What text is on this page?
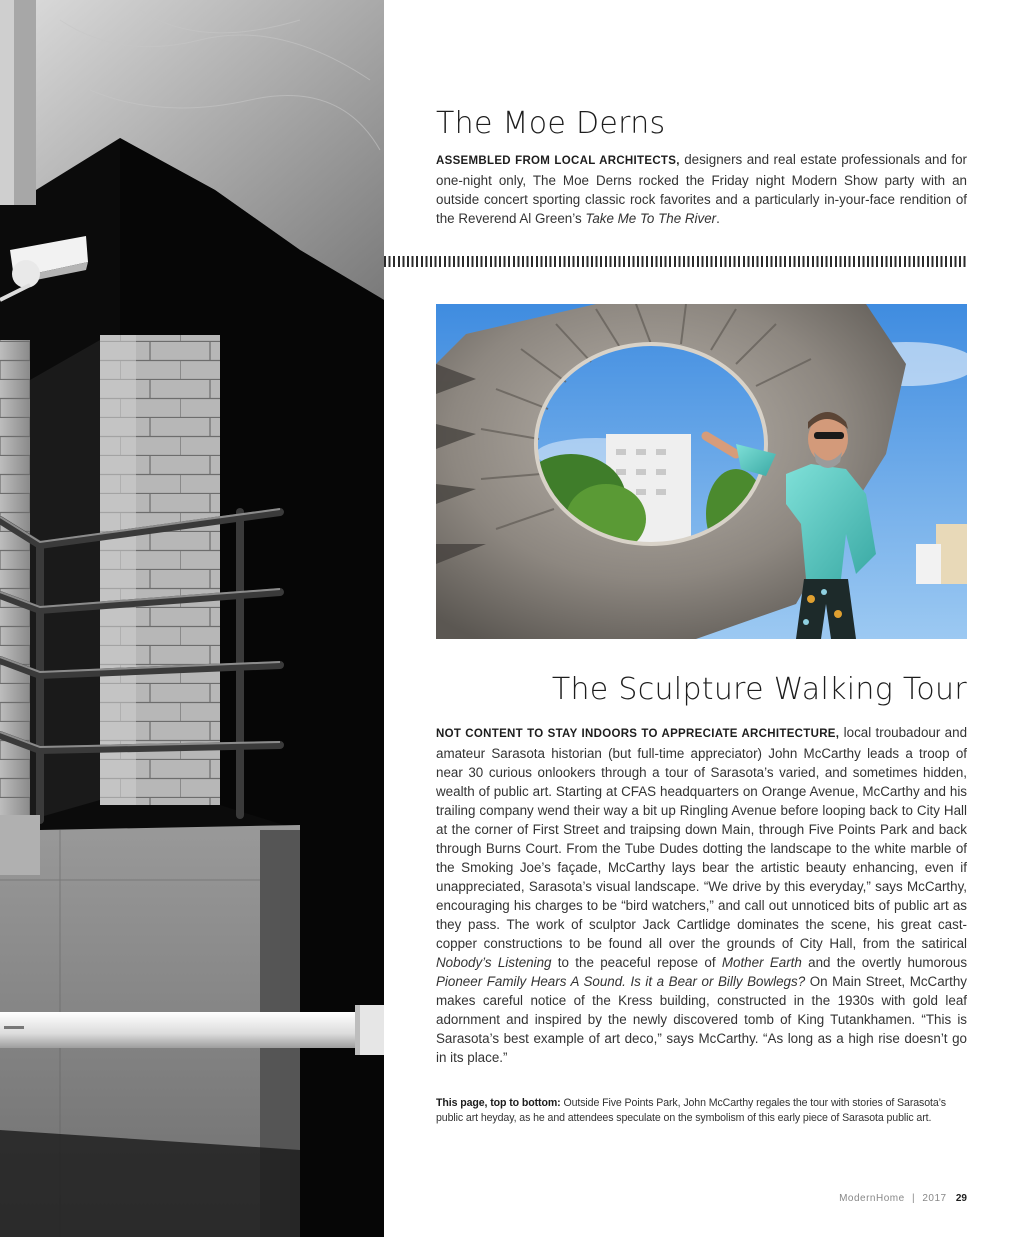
The Moe Derns
ASSEMBLED FROM LOCAL ARCHITECTS, designers and real estate professionals and for one-night only, The Moe Derns rocked the Friday night Modern Show party with an outside concert sporting classic rock favorites and a particularly in-your-face rendition of the Reverend Al Green’s Take Me To The River.
The Sculpture Walking Tour
NOT CONTENT TO STAY INDOORS TO APPRECIATE ARCHITECTURE, local troubadour and amateur Sarasota historian (but full-time appreciator) John McCarthy leads a troop of near 30 curious onlookers through a tour of Sarasota’s varied, and sometimes hidden, wealth of public art. Starting at CFAS headquarters on Orange Avenue, McCarthy and his trailing company wend their way a bit up Ringling Avenue before looping back to City Hall at the corner of First Street and traipsing down Main, through Five Points Park and back through Burns Court. From the Tube Dudes dotting the landscape to the white marble of the Smoking Joe’s façade, McCarthy lays bear the artistic beauty enhancing, even if unappreciated, Sarasota’s visual landscape. “We drive by this everyday,” says McCarthy, encouraging his charges to be “bird watchers,” and call out unnoticed bits of public art as they pass. The work of sculptor Jack Cartlidge dominates the scene, his great cast-copper constructions to be found all over the grounds of City Hall, from the satirical Nobody’s Listening to the peaceful repose of Mother Earth and the overtly humorous Pioneer Family Hears A Sound. Is it a Bear or Billy Bowlegs? On Main Street, McCarthy makes careful notice of the Kress building, constructed in the 1930s with gold leaf adornment and inspired by the newly discovered tomb of King Tutankhamen. “This is Sarasota’s best example of art deco,” says McCarthy. “As long as a high rise doesn’t go in its place.”
This page, top to bottom: Outside Five Points Park, John McCarthy regales the tour with stories of Sarasota’s public art heyday, as he and attendees speculate on the symbolism of this early piece of Sarasota public art.
ModernHome | 2017 29
